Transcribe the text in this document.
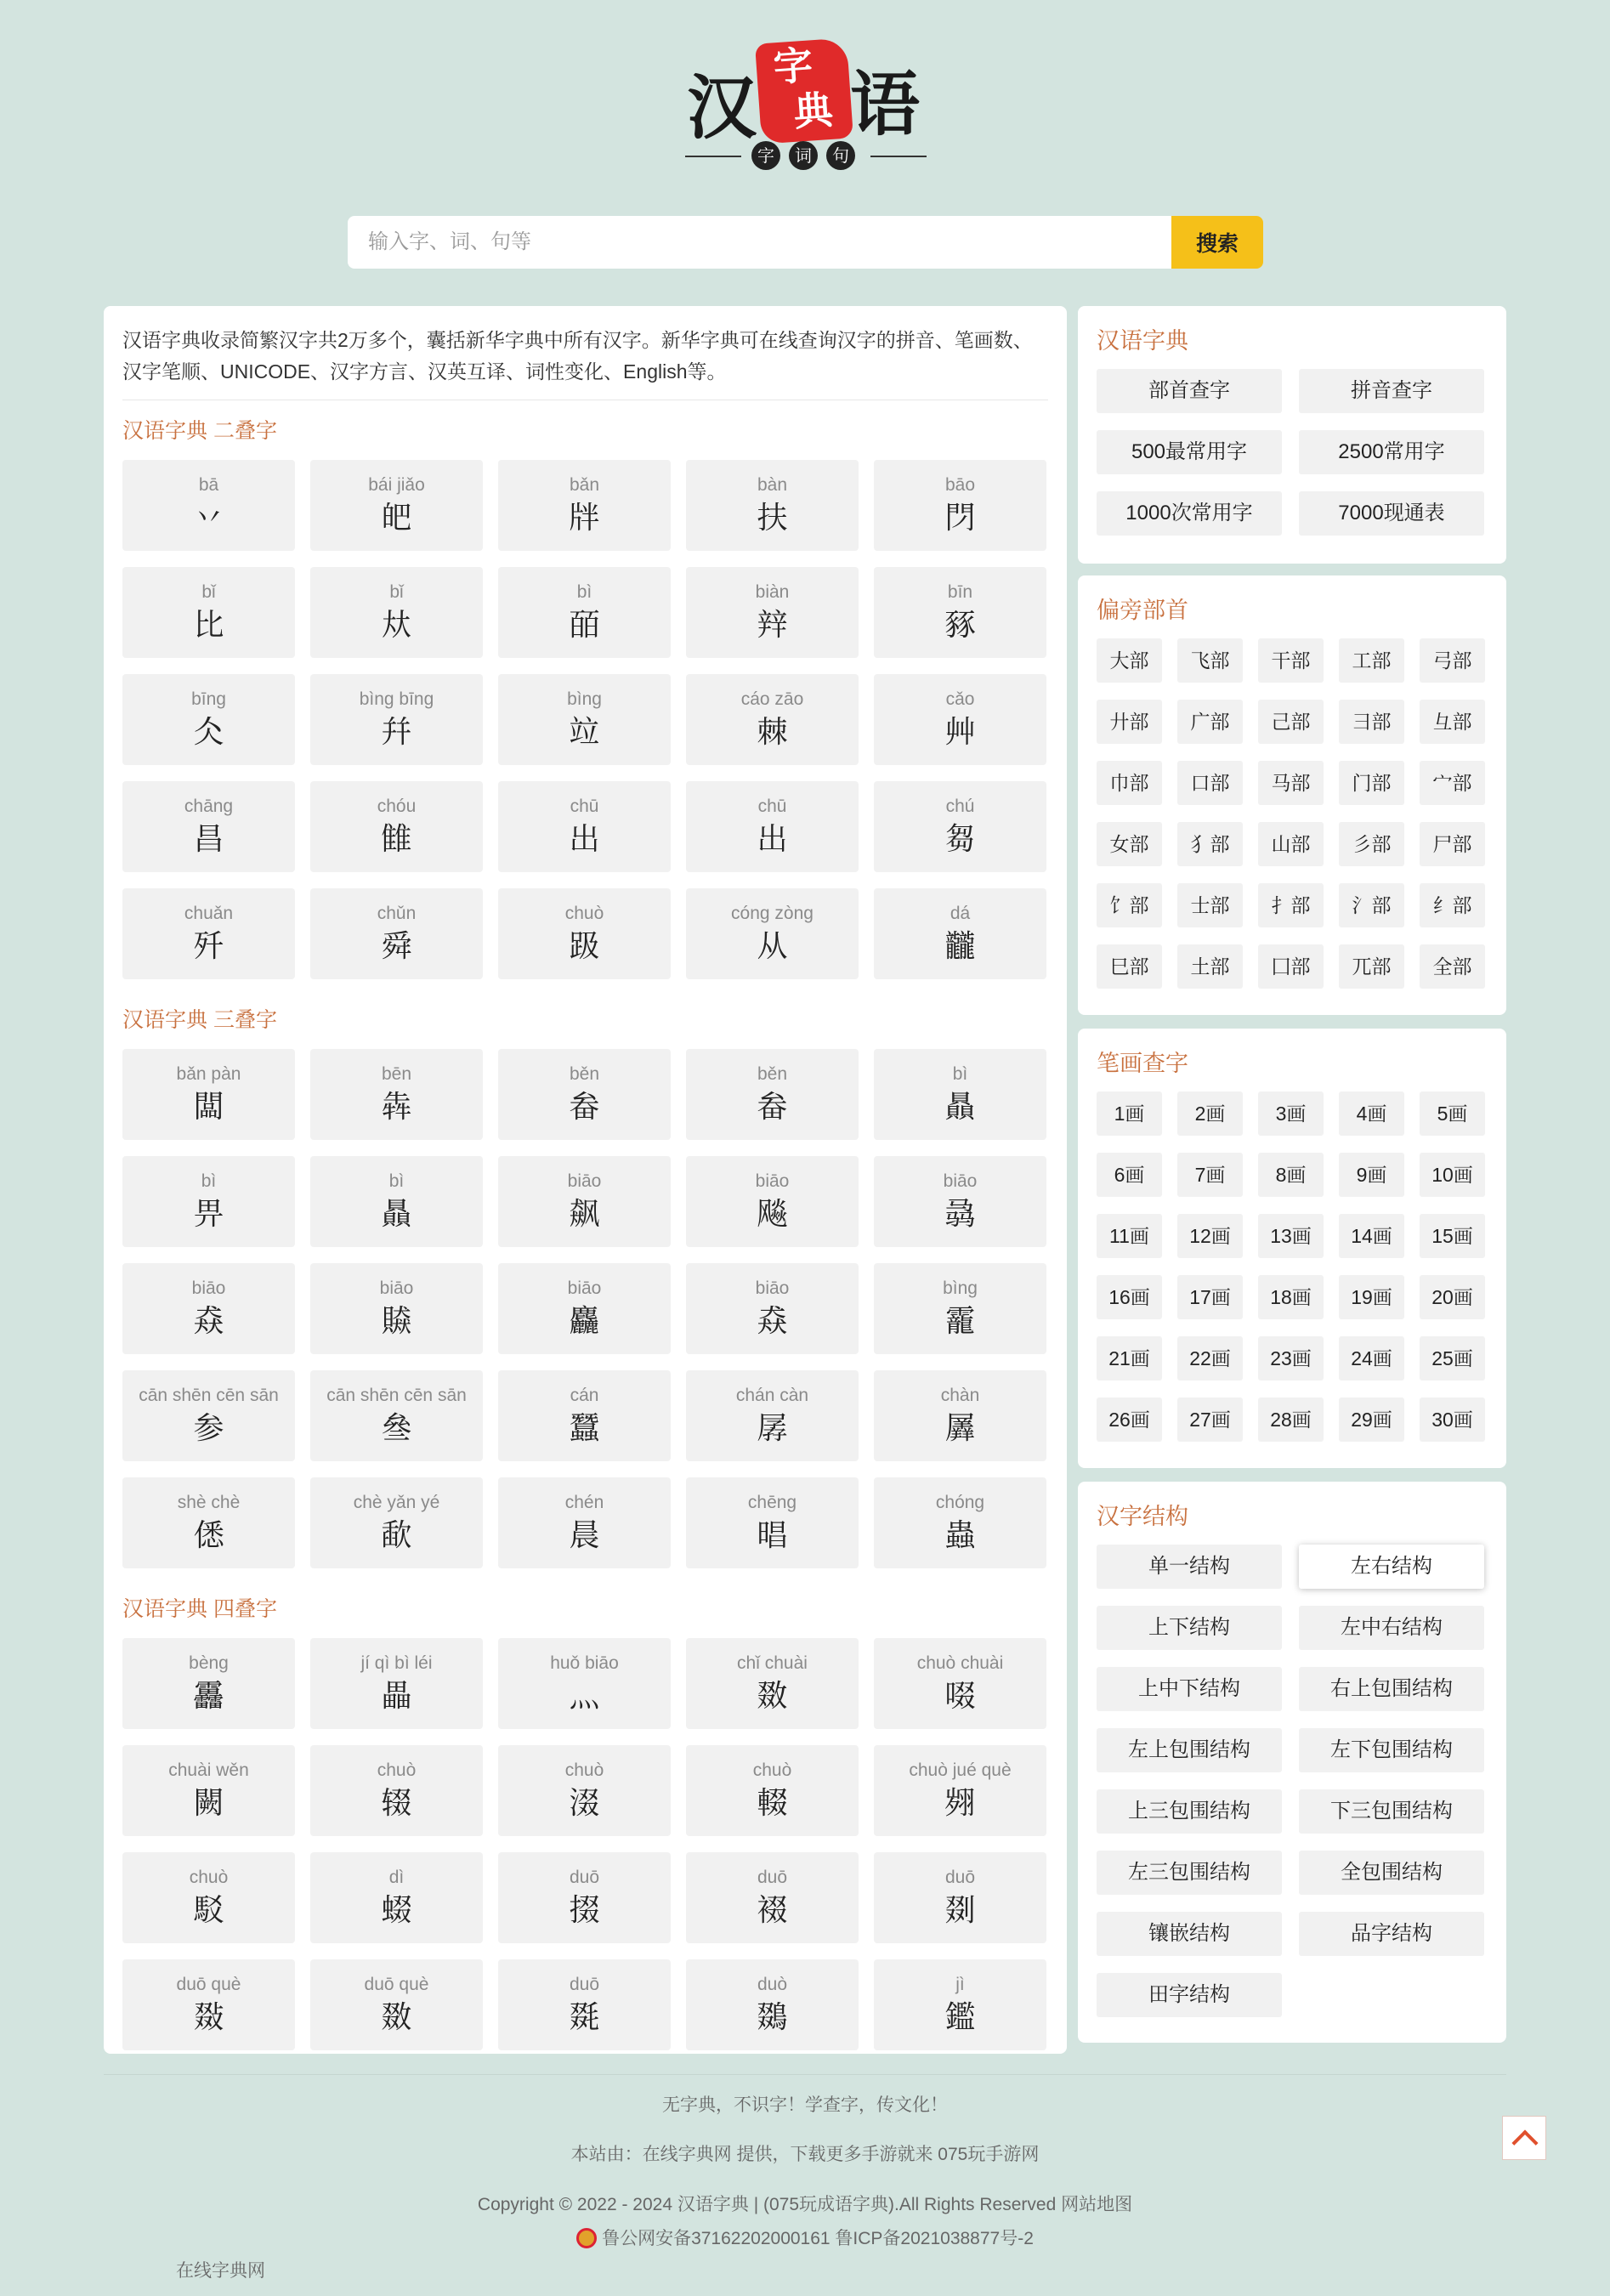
汉
字
典 语
字	词	句
输入字、词、句等
搜索

汉语字典收录简繁汉字共2万多个，囊括新华字典中所有汉字。新华字典可在线查询汉字的拼音、笔画数、汉字笔顺、UNICODE、汉字方言、汉英互译、词性变化、English等。

汉语字典 二叠字
bā
丷
bái jiǎo
皅
bǎn
牉
bàn
扶
bāo
閁
bǐ
比
bǐ
夶
bì
皕
biàn
辡
bīn
豩
bīng
仌
bìng bīng
幷
bìng
竝
cáo zāo
棘
cǎo
艸
chāng
昌
chóu
雔
chū
出
chū
出
chú
芻
chuǎn
歼
chǔn
舜
chuò
趿
cóng zòng
从
dá
龖
汉语字典 三叠字
bǎn pàn
闆
bēn
犇
běn
畚
běn
畚
bì
贔
bì
畀
bì
贔
biāo
飙
biāo
飚
biāo
骉
biāo
猋
biāo
贆
biāo
麤
biāo
猋
bìng
靇
cān shēn cēn sān
参
cān shēn cēn sān
叄
cán
蠶
chán càn
孱
chàn
羼
shè chè
僁
chè yǎn yé
歃
chén
晨
chēng
晿
chóng
蟲
汉语字典 四叠字
bèng
靐
jí qì bì léi
畾
huǒ biāo
灬
chǐ chuài
敪
chuò chuài
啜
chuài wěn
闕
chuò
辍
chuò
涰
chuò
輟
chuò jué què
翙
chuò
駁
dì
蝃
duō
掇
duō
裰
duō
剟
duō què
敠
duō què
敪
duō
毲
duò
鵽
jì
鑑
汉语字典
部首查字	拼音查字
500最常用字	2500常用字
1000次常用字	7000现通表
偏旁部首
大部	飞部	干部	工部	弓部
廾部	广部	己部	彐部	彑部
巾部	口部	马部	门部	宀部
女部	犭部	山部	彡部	尸部
饣部	士部	扌部	氵部	纟部
巳部	土部	囗部	兀部	全部
笔画查字
1画	2画	3画	4画	5画
6画	7画	8画	9画	10画
11画	12画	13画	14画	15画
16画	17画	18画	19画	20画
21画	22画	23画	24画	25画
26画	27画	28画	29画	30画
汉字结构
单一结构	左右结构
上下结构	左中右结构
上中下结构	右上包围结构
左上包围结构	左下包围结构
上三包围结构	下三包围结构
左三包围结构	全包围结构
镶嵌结构	品字结构
田字结构
无字典，不识字！学查字，传文化！
本站由：在线字典网 提供，下载更多手游就来 075玩手游网
Copyright © 2022 - 2024 汉语字典 | (075玩成语字典).All Rights Reserved 网站地图
鲁公网安备37162202000161 鲁ICP备2021038877号-2
在线字典网
